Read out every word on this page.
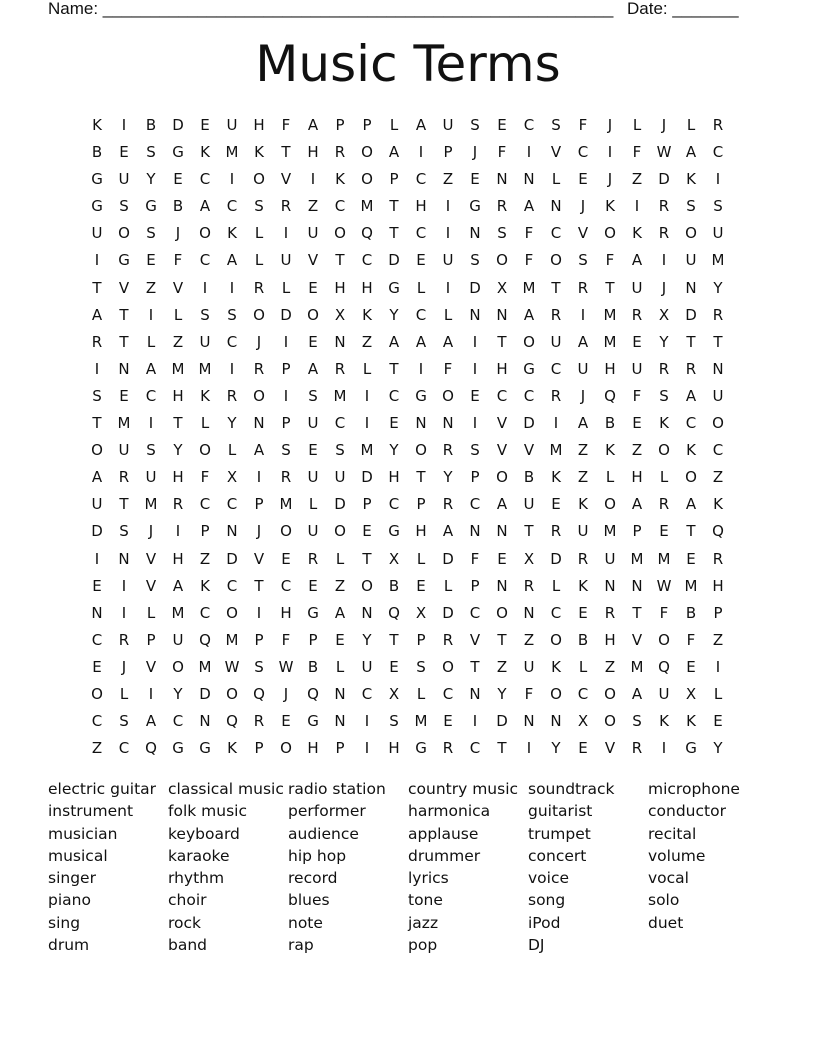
Name: ______________________________________________________ Date: _______
Music Terms
K	I	B	D	E	U	H	F	A	P	P	L	A	U	S	E	C	S	F	J	L	J	L	R
B	E	S	G	K	M	K	T	H	R	O	A	I	P	J	F	I	V	C	I	F	W A	C
G	U	Y	E	C	I	O	V	I	K	O	P	C	Z	E	N	N	L	E	J	Z	D	K	I
G	S	G	B	A	C	S	R	Z	C	M	T	H	I	G	R	A	N	J	K	I	R	S	S
U	O	S	J	O	K	L	I	U	O	Q	T	C	I	N	S	F	C	V	O	K	R	O	U
I	G	E	F	C	A	L	U	V	T	C	D	E	U	S	O	F	O	S	F	A	I	U	M
T	V	Z	V	I	I	R	L	E	H	H	G	L	I	D	X	M	T	R	T	U	J	N	Y
A	T	I	L	S	S	O	D	O	X	K	Y	C	L	N	N	A	R	I	M	R	X	D	R
R	T	L	Z	U	C	J	I	E	N	Z	A	A	A	I	T	O	U	A	M	E	Y	T	T
I	N	A	M M	I	R	P	A	R	L	T	I	F	I	H	G	C	U	H	U	R	R	N
S	E	C	H	K	R	O	I	S	M	I	C	G	O	E	C	C	R	J	Q	F	S	A	U
T	M	I	T	L	Y	N	P	U	C	I	E	N	N	I	V	D	I	A	B	E	K	C	O
O	U	S	Y	O	L	A	S	E	S	M	Y	O	R	S	V	V	M	Z	K	Z	O	K	C
A	R	U	H	F	X	I	R	U	U	D	H	T	Y	P	O	B	K	Z	L	H	L	O	Z
U	T	M	R	C	C	P	M	L	D	P	C	P	R	C	A	U	E	K	O	A	R	A	K
D	S	J	I	P	N	J	O	U	O	E	G	H	A	N	N	T	R	U	M	P	E	T	Q
I	N	V	H	Z	D	V	E	R	L	T	X	L	D	F	E	X	D	R	U	M M	E	R
E	I	V	A	K	C	T	C	E	Z	O	B	E	L	P	N	R	L	K	N	N W M H
N	I	L	M	C	O	I	H	G	A	N	Q	X	D	C	O	N	C	E	R	T	F	B	P
C	R	P	U	Q M	P	F	P	E	Y	T	P	R	V	T	Z	O	B	H	V	O	F	Z
E	J	V	O M W S W B	L	U	E	S	O	T	Z	U	K	L	Z	M Q	E	I
O	L	I	Y	D	O	Q	J	Q	N	C	X	L	C	N	Y	F	O	C	O	A	U	X	L
C	S	A	C	N	Q	R	E	G	N	I	S	M	E	I	D	N	N	X	O	S	K	K	E
Z	C	Q	G	G	K	P	O	H	P	I	H	G	R	C	T	I	Y	E	V	R	I	G	Y
electric guitar
instrument
musician
musical
singer
piano
sing
drum
classical music
folk music
keyboard
karaoke
rhythm
choir
rock
band
radio station
performer
audience
hip hop
record
blues
note
rap
country music
harmonica
applause
drummer
lyrics
tone
jazz
pop
soundtrack
guitarist
trumpet
concert
voice
song
iPod
DJ
microphone
conductor
recital
volume
vocal
solo
duet
